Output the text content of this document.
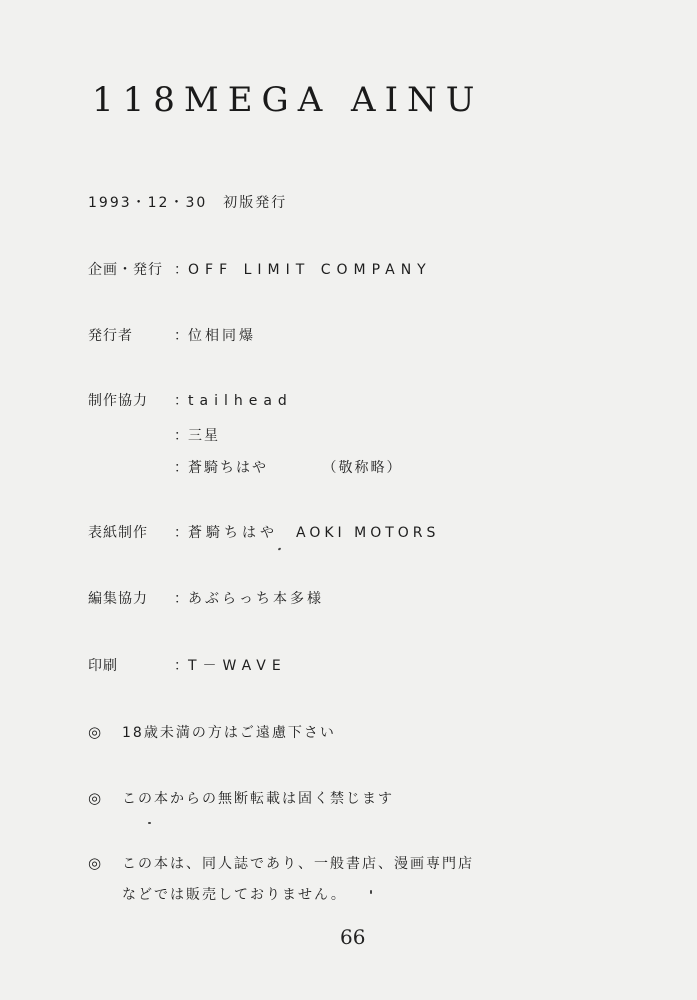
118MEGA AINU
1993・12・30　初版発行
企画・発行 ：OFF LIMIT COMPANY
発行者	：位相同爆
制作協力 ：tailhead
：三星
：蒼騎ちはや	（敬称略）
表紙制作 ：蒼騎ちはや　AOKI MOTORS
編集協力 ：あぶらっち本多様
印刷	：T－WAVE
◎ 18歳未満の方はご遠慮下さい
◎ この本からの無断転載は固く禁じます
◎ この本は、同人誌であり、一般書店、漫画専門店
などでは販売しておりません。
66
